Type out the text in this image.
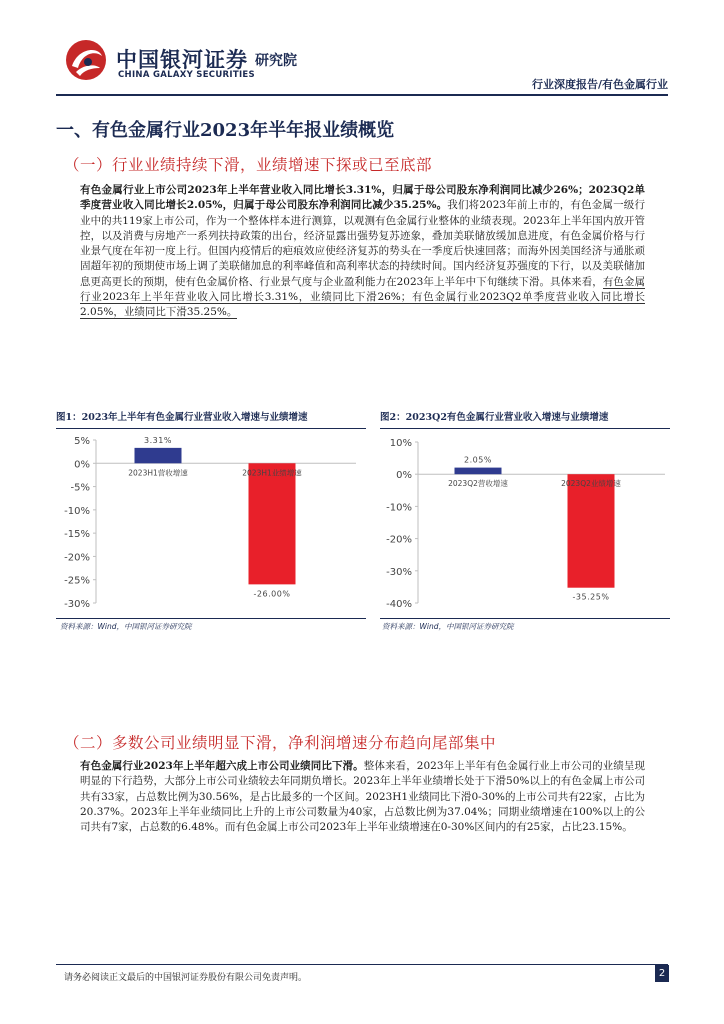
中国银河证券
CHINA GALAXY SECURITIES
研究院
行业深度报告/有色金属行业
一、有色金属行业2023年半年报业绩概览
（一）行业业绩持续下滑，业绩增速下探或已至底部
有色金属行业上市公司2023年上半年营业收入同比增长3.31%，归属于母公司股东净利润同比减少26%；2023Q2单季度营业收入同比增长2.05%，归属于母公司股东净利润同比减少35.25%。我们将2023年前上市的，有色金属一级行业中的共119家上市公司，作为一个整体样本进行测算，以观测有色金属行业整体的业绩表现。2023年上半年国内放开管控，以及消费与房地产一系列扶持政策的出台，经济显露出强势复苏迹象，叠加美联储放缓加息进度，有色金属价格与行业景气度在年初一度上行。但国内疫情后的疤痕效应使经济复苏的势头在一季度后快速回落；而海外因美国经济与通胀顽固超年初的预期使市场上调了美联储加息的利率峰值和高利率状态的持续时间。国内经济复苏强度的下行，以及美联储加息更高更长的预期，使有色金属价格、行业景气度与企业盈利能力在2023年上半年中下旬继续下滑。具体来看，有色金属行业2023年上半年营业收入同比增长3.31%，业绩同比下滑26%；有色金属行业2023Q2单季度营业收入同比增长2.05%，业绩同比下滑35.25%。
图1：2023年上半年有色金属行业营业收入增速与业绩增速
5%
0%
-5%
-10%
-15%
-20%
-25%
-30%
3.31%
2023H1营收增速
-26.00%
2023H1业绩增速
资料来源：Wind，中国银河证券研究院
图2：2023Q2有色金属行业营业收入增速与业绩增速
10%
0%
-10%
-20%
-30%
-40%
2.05%
2023Q2营收增速
-35.25%
2023Q2业绩增速
资料来源：Wind，中国银河证券研究院
（二）多数公司业绩明显下滑，净利润增速分布趋向尾部集中
有色金属行业2023年上半年超六成上市公司业绩同比下滑。整体来看，2023年上半年有色金属行业上市公司的业绩呈现明显的下行趋势，大部分上市公司业绩较去年同期负增长。2023年上半年业绩增长处于下滑50%以上的有色金属上市公司共有33家，占总数比例为30.56%，是占比最多的一个区间。2023H1业绩同比下滑0-30%的上市公司共有22家，占比为20.37%。2023年上半年业绩同比上升的上市公司数量为40家，占总数比例为37.04%；同期业绩增速在100%以上的公司共有7家，占总数的6.48%。而有色金属上市公司2023年上半年业绩增速在0-30%区间内的有25家，占比23.15%。
请务必阅读正文最后的中国银河证券股份有限公司免责声明。	2
